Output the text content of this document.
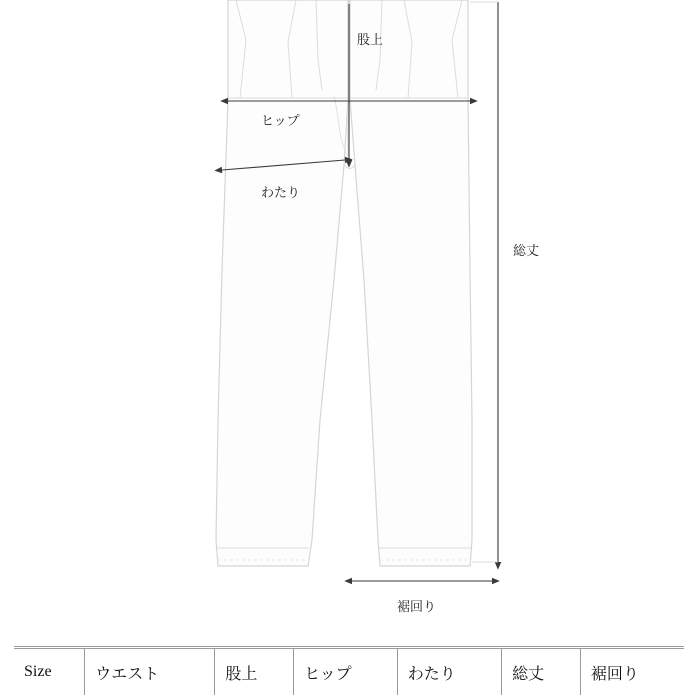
股上
ヒップ
わたり
総丈
裾回り
Size	ウエスト	股上	ヒップ	わたり	総丈	裾回り
